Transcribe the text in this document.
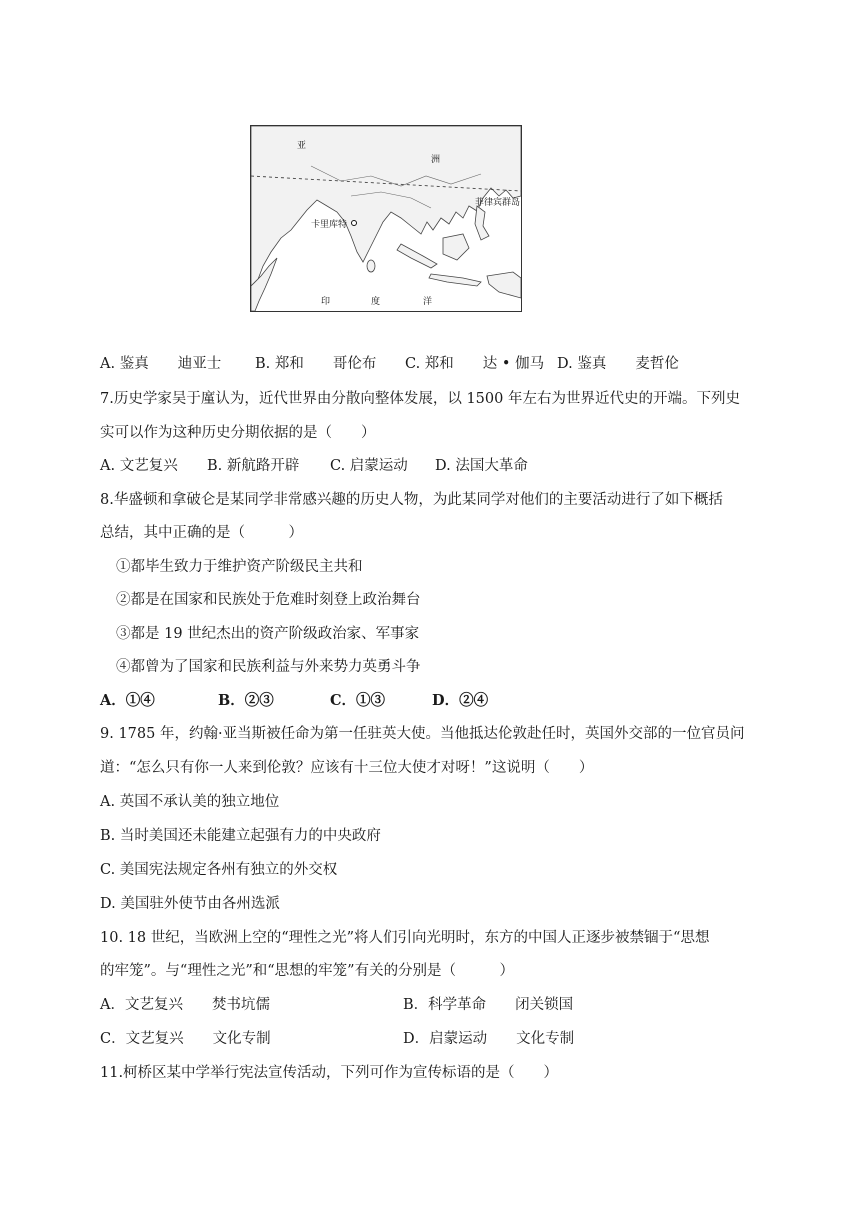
亚
洲
卡里库特
菲律宾群岛
印	度	洋
A. 鉴真　　迪亚士 B. 郑和　　哥伦布 C. 郑和　　达 • 伽马 D. 鉴真　　麦哲伦
7.历史学家吴于廑认为，近代世界由分散向整体发展，以 1500 年左右为世界近代史的开端。下列史
实可以作为这种历史分期依据的是（　　）
A. 文艺复兴 B. 新航路开辟 C. 启蒙运动 D. 法国大革命
8.华盛顿和拿破仑是某同学非常感兴趣的历史人物，为此某同学对他们的主要活动进行了如下概括
总结，其中正确的是（　　　）
①都毕生致力于维护资产阶级民主共和
②都是在国家和民族处于危难时刻登上政治舞台
③都是 19 世纪杰出的资产阶级政治家、军事家
④都曾为了国家和民族利益与外来势力英勇斗争
A．①④	B．②③	C．①③	D．②④
9. 1785 年，约翰·亚当斯被任命为第一任驻英大使。当他抵达伦敦赴任时，英国外交部的一位官员问
道：“怎么只有你一人来到伦敦？应该有十三位大使才对呀！”这说明（　　）
A. 英国不承认美的独立地位
B. 当时美国还未能建立起强有力的中央政府
C. 美国宪法规定各州有独立的外交权
D. 美国驻外使节由各州选派
10. 18 世纪，当欧洲上空的“理性之光”将人们引向光明时，东方的中国人正逐步被禁锢于“思想
的牢笼”。与“理性之光”和“思想的牢笼”有关的分别是（　　　）
A．文艺复兴　　焚书坑儒	B．科学革命　　闭关锁国
C．文艺复兴　　文化专制	D．启蒙运动　　文化专制
11.柯桥区某中学举行宪法宣传活动，下列可作为宣传标语的是（　　）
